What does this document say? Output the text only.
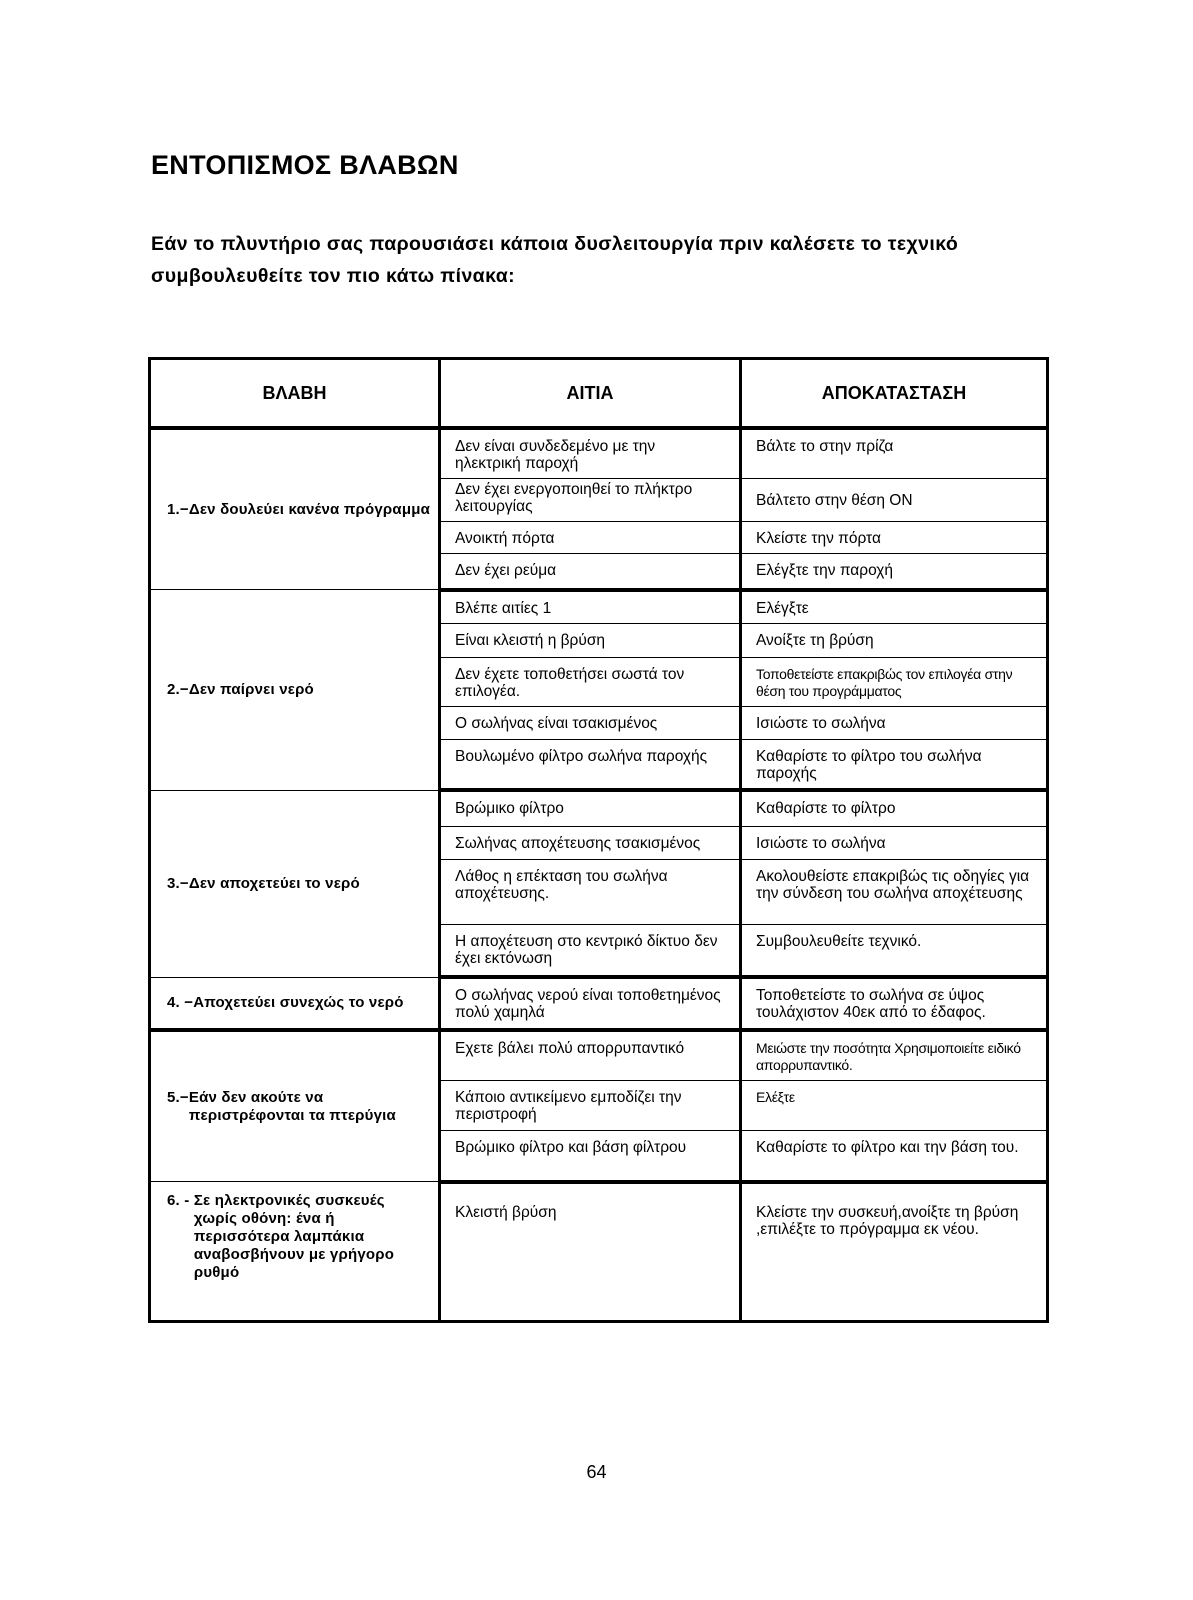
ΕΝΤΟΠΙΣΜΟΣ ΒΛΑΒΩΝ

Εάν το πλυντήριο σας παρουσιάσει κάποια δυσλειτουργία πριν καλέσετε το τεχνικό συμβουλευθείτε τον πιο κάτω πίνακα:

ΒΛΑΒΗ	ΑΙΤΙΑ	ΑΠΟΚΑΤΑΣΤΑΣΗ

1.− Δεν δουλεύει κανένα πρόγραμμα	Δεν είναι συνδεδεμένο με την ηλεκτρική παροχή	Βάλτε το στην πρίζα

	Δεν έχει ενεργοποιηθεί το πλήκτρο λειτουργίας	Βάλτετο στην θέση ΟΝ

	Ανοικτή πόρτα	Κλείστε την πόρτα

	Δεν έχει ρεύμα	Ελέγξτε την παροχή

2.− Δεν παίρνει νερό	Βλέπε αιτίες 1	Ελέγξτε

	Είναι κλειστή η βρύση	Ανοίξτε τη βρύση

	Δεν έχετε τοποθετήσει σωστά τον επιλογέα.	Τοποθετείστε επακριβώς τον επιλογέα στην θέση του προγράμματος

	Ο σωλήνας είναι τσακισμένος	Ισιώστε το σωλήνα

	Βουλωμένο φίλτρο σωλήνα παροχής	Καθαρίστε το φίλτρο του σωλήνα παροχής

3.− Δεν αποχετεύει το νερό	Βρώμικο φίλτρο	Καθαρίστε το φίλτρο

	Σωλήνας αποχέτευσης τσακισμένος	Ισιώστε το σωλήνα

	Λάθος η επέκταση του σωλήνα αποχέτευσης.	Ακολουθείστε επακριβώς τις οδηγίες για την σύνδεση του σωλήνα αποχέτευσης

	Η αποχέτευση στο κεντρικό δίκτυο δεν έχει εκτόνωση	Συμβουλευθείτε τεχνικό.

4. −Αποχετεύει συνεχώς το νερό	Ο σωλήνας νερού είναι τοποθετημένος πολύ χαμηλά	Τοποθετείστε το σωλήνα σε ύψος τουλάχιστον 40εκ από το έδαφος.

5.− Εάν δεν ακούτε να περιστρέφονται τα πτερύγια	Εχετε βάλει πολύ απορρυπαντικό	Μειώστε την ποσότητα Χρησιμοποιείτε ειδικό απορρυπαντικό.

	Κάποιο αντικείμενο εμποδίζει την περιστροφή	Ελέξτε

	Βρώμικο φίλτρο και βάση φίλτρου	Καθαρίστε το φίλτρο και την βάση του.

6. - Σε ηλεκτρονικές συσκευές χωρίς οθόνη: ένα ή περισσότερα λαμπάκια αναβοσβήνουν με γρήγορο ρυθμό	Κλειστή βρύση	Κλείστε την συσκευή,ανοίξτε τη βρύση ,επιλέξτε το πρόγραμμα εκ νέου.
64
